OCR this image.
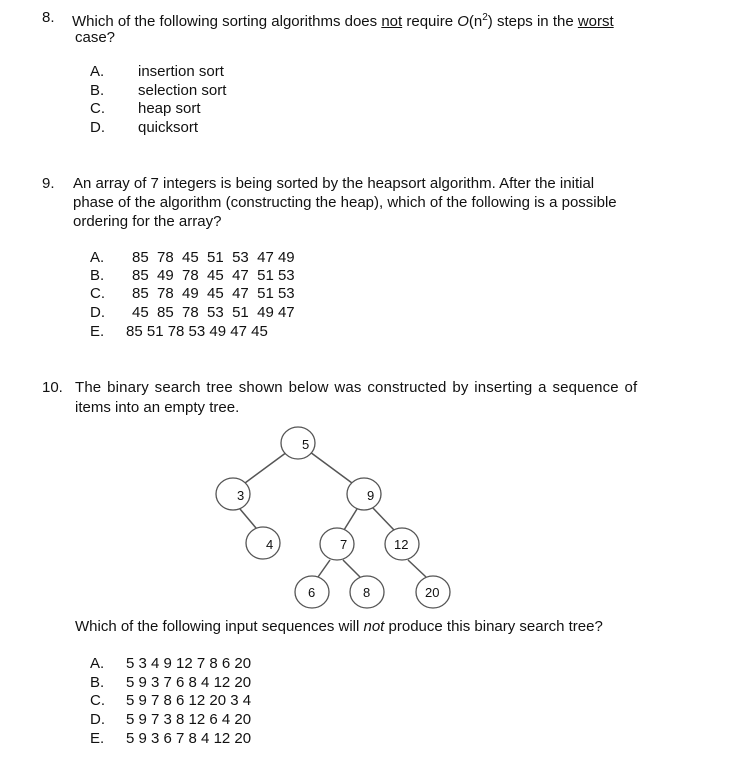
8. Which of the following sorting algorithms does not require $O(n^2)$ steps in the worst
case?
A. insertion sort
B. selection sort
C. heap sort
D. quicksort
9. An array of 7 integers is being sorted by the heapsort algorithm. After the initial
phase of the algorithm (constructing the heap), which of the following is a possible
ordering for the array?
A. 85  78  45  51  53  47 49
B. 85  49  78  45  47  51 53
C. 85  78  49  45  47  51 53
D. 45  85  78  53  51  49 47
E. 85 51 78 53 49 47 45
10. The binary search tree shown below was constructed by inserting a sequence of
items into an empty tree.
5
3	9
4	7	12
6	8	20
Which of the following input sequences will not produce this binary search tree?
A. 5 3 4 9 12 7 8 6 20
B. 5 9 3 7 6 8 4 12 20
C. 5 9 7 8 6 12 20 3 4
D. 5 9 7 3 8 12 6 4 20
E. 5 9 3 6 7 8 4 12 20
